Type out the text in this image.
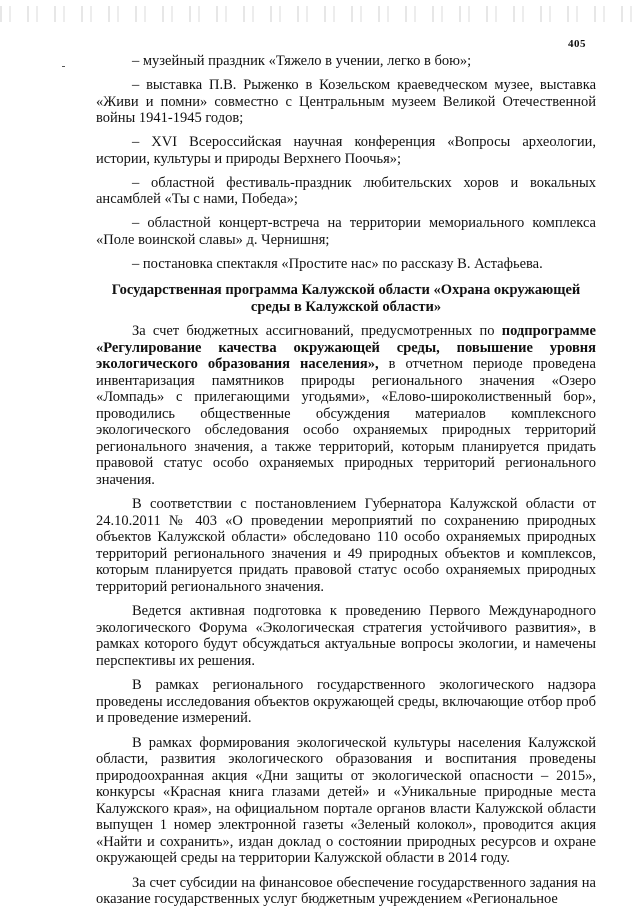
405

– музейный праздник «Тяжело в учении, легко в бою»;

– выставка П.В. Рыженко в Козельском краеведческом музее, выставка «Живи и помни» совместно с Центральным музеем Великой Отечественной войны 1941-1945 годов;

– XVI Всероссийская научная конференция «Вопросы археологии, истории, культуры и природы Верхнего Поочья»;

– областной фестиваль-праздник любительских хоров и вокальных ансамблей «Ты с нами, Победа»;

– областной концерт-встреча на территории мемориального комплекса «Поле воинской славы» д. Чернишня;

– постановка спектакля «Простите нас» по рассказу В. Астафьева.

Государственная программа Калужской области «Охрана окружающей среды в Калужской области»

За счет бюджетных ассигнований, предусмотренных по подпрограмме «Регулирование качества окружающей среды, повышение уровня экологического образования населения», в отчетном периоде проведена инвентаризация памятников природы регионального значения «Озеро «Ломпадь» с прилегающими угодьями», «Елово-широколиственный бор», проводились общественные обсуждения материалов комплексного экологического обследования особо охраняемых природных территорий регионального значения, а также территорий, которым планируется придать правовой статус особо охраняемых природных территорий регионального значения.

В соответствии с постановлением Губернатора Калужской области от 24.10.2011 № 403 «О проведении мероприятий по сохранению природных объектов Калужской области» обследовано 110 особо охраняемых природных территорий регионального значения и 49 природных объектов и комплексов, которым планируется придать правовой статус особо охраняемых природных территорий регионального значения.

Ведется активная подготовка к проведению Первого Международного экологического Форума «Экологическая стратегия устойчивого развития», в рамках которого будут обсуждаться актуальные вопросы экологии, и намечены перспективы их решения.

В рамках регионального государственного экологического надзора проведены исследования объектов окружающей среды, включающие отбор проб и проведение измерений.

В рамках формирования экологической культуры населения Калужской области, развития экологического образования и воспитания проведены природоохранная акция «Дни защиты от экологической опасности – 2015», конкурсы «Красная книга глазами детей» и «Уникальные природные места Калужского края», на официальном портале органов власти Калужской области выпущен 1 номер электронной газеты «Зеленый колокол», проводится акция «Найти и сохранить», издан доклад о состоянии природных ресурсов и охране окружающей среды на территории Калужской области в 2014 году.

За счет субсидии на финансовое обеспечение государственного задания на оказание государственных услуг бюджетным учреждением «Региональное
